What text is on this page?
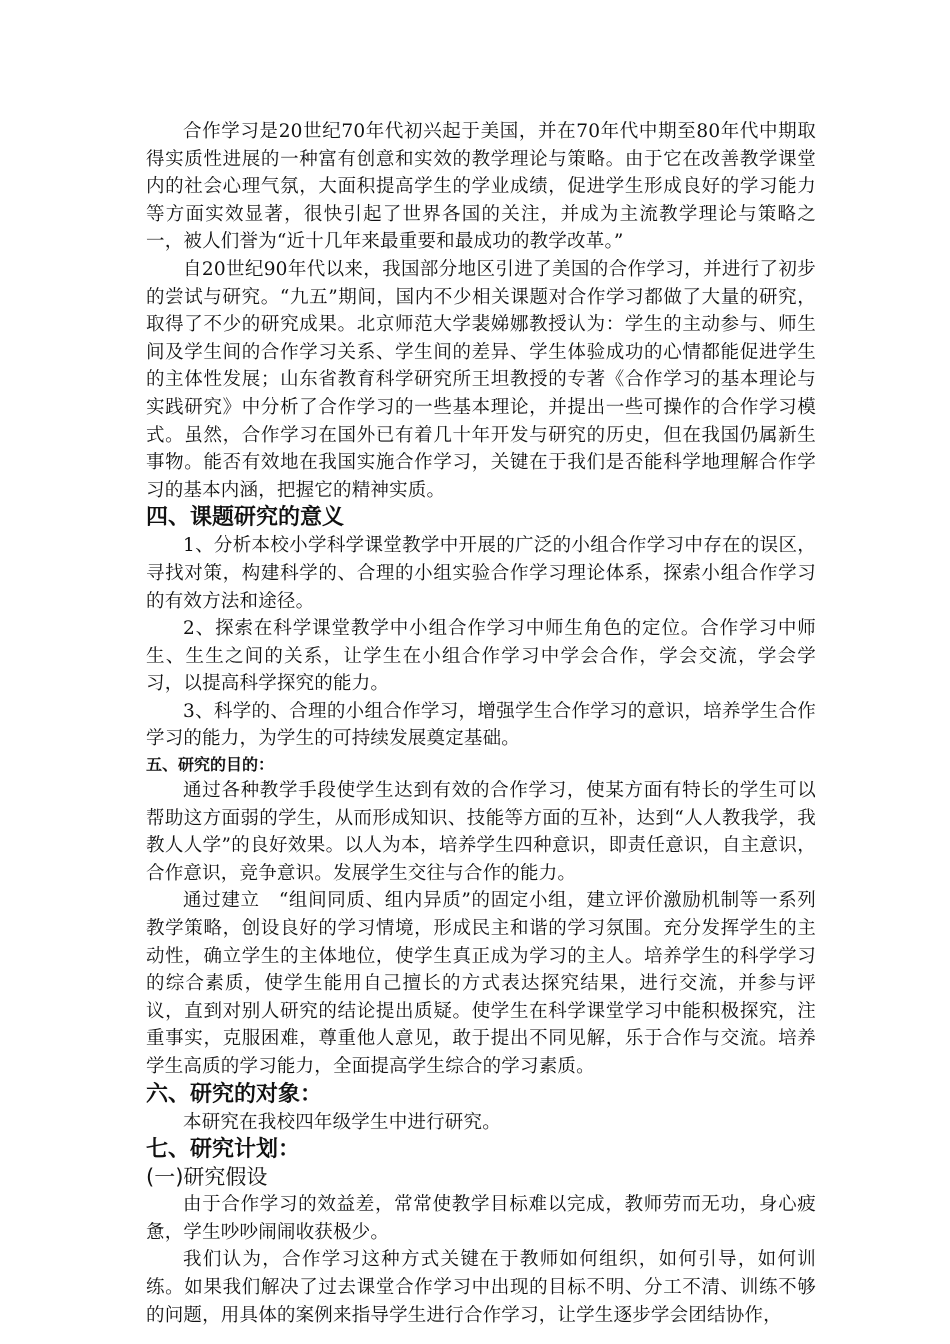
合作学习是20世纪70年代初兴起于美国，并在70年代中期至80年代中期取得实质性进展的一种富有创意和实效的教学理论与策略。由于它在改善教学课堂内的社会心理气氛，大面积提高学生的学业成绩，促进学生形成良好的学习能力等方面实效显著，很快引起了世界各国的关注，并成为主流教学理论与策略之一，被人们誉为“近十几年来最重要和最成功的教学改革。”

自20世纪90年代以来，我国部分地区引进了美国的合作学习，并进行了初步的尝试与研究。“九五”期间，国内不少相关课题对合作学习都做了大量的研究，取得了不少的研究成果。北京师范大学裴娣娜教授认为：学生的主动参与、师生间及学生间的合作学习关系、学生间的差异、学生体验成功的心情都能促进学生的主体性发展；山东省教育科学研究所王坦教授的专著《合作学习的基本理论与实践研究》中分析了合作学习的一些基本理论，并提出一些可操作的合作学习模式。虽然，合作学习在国外已有着几十年开发与研究的历史，但在我国仍属新生事物。能否有效地在我国实施合作学习，关键在于我们是否能科学地理解合作学习的基本内涵，把握它的精神实质。

四、课题研究的意义

1、分析本校小学科学课堂教学中开展的广泛的小组合作学习中存在的误区，寻找对策，构建科学的、合理的小组实验合作学习理论体系，探索小组合作学习的有效方法和途径。

2、探索在科学课堂教学中小组合作学习中师生角色的定位。合作学习中师生、生生之间的关系，让学生在小组合作学习中学会合作，学会交流，学会学习，以提高科学探究的能力。

3、科学的、合理的小组合作学习，增强学生合作学习的意识，培养学生合作学习的能力，为学生的可持续发展奠定基础。

五、研究的目的：

通过各种教学手段使学生达到有效的合作学习，使某方面有特长的学生可以帮助这方面弱的学生，从而形成知识、技能等方面的互补，达到“人人教我学，我教人人学”的良好效果。以人为本，培养学生四种意识，即责任意识，自主意识，合作意识，竞争意识。发展学生交往与合作的能力。

通过建立　“组间同质、组内异质”的固定小组，建立评价激励机制等一系列教学策略，创设良好的学习情境，形成民主和谐的学习氛围。充分发挥学生的主动性，确立学生的主体地位，使学生真正成为学习的主人。培养学生的科学学习的综合素质，使学生能用自己擅长的方式表达探究结果，进行交流，并参与评议，直到对别人研究的结论提出质疑。使学生在科学课堂学习中能积极探究，注重事实，克服困难，尊重他人意见，敢于提出不同见解，乐于合作与交流。培养学生高质的学习能力，全面提高学生综合的学习素质。

六、研究的对象：

本研究在我校四年级学生中进行研究。

七、研究计划：
(一)研究假设

由于合作学习的效益差，常常使教学目标难以完成，教师劳而无功，身心疲惫，学生吵吵闹闹收获极少。

我们认为，合作学习这种方式关键在于教师如何组织，如何引导，如何训练。如果我们解决了过去课堂合作学习中出现的目标不明、分工不清、训练不够的问题，用具体的案例来指导学生进行合作学习，让学生逐步学会团结协作，
